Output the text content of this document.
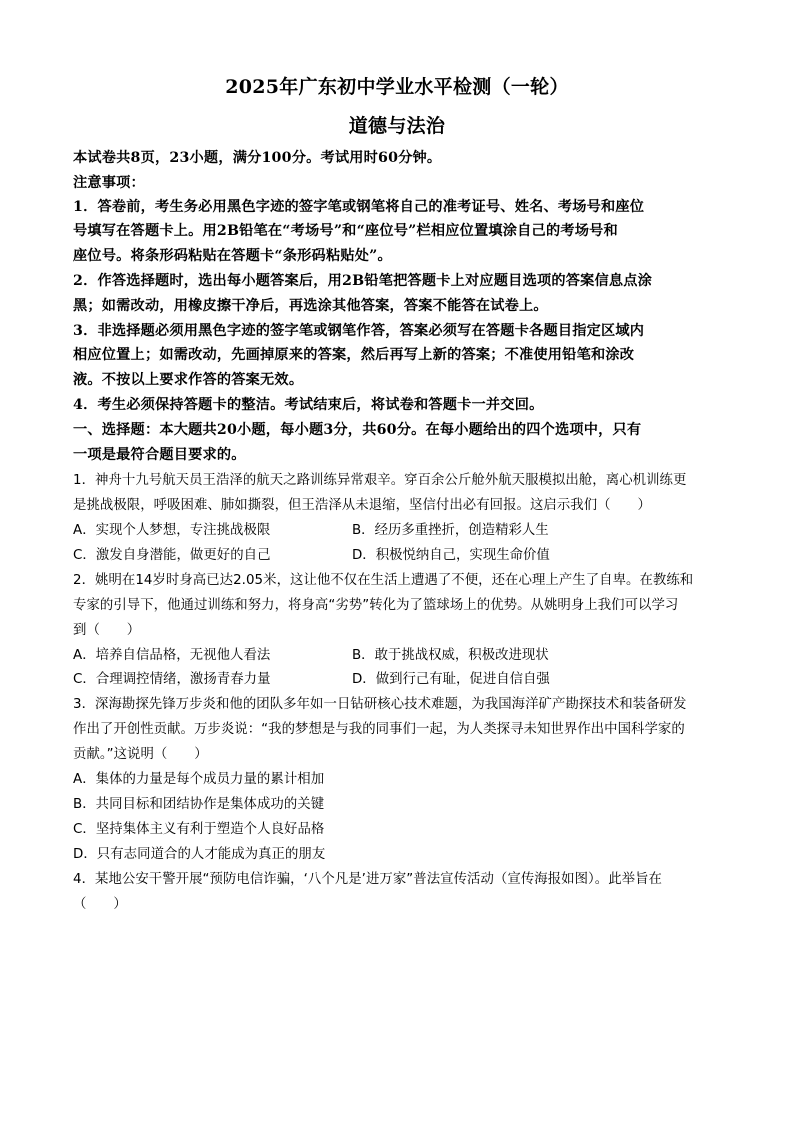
2025年广东初中学业水平检测（一轮）
道德与法治
本试卷共8页，23小题，满分100分。考试用时60分钟。
注意事项：
1．答卷前，考生务必用黑色字迹的签字笔或钢笔将自己的准考证号、姓名、考场号和座位
号填写在答题卡上。用2B铅笔在“考场号”和“座位号”栏相应位置填涂自己的考场号和
座位号。将条形码粘贴在答题卡“条形码粘贴处”。
2．作答选择题时，选出每小题答案后，用2B铅笔把答题卡上对应题目选项的答案信息点涂
黑；如需改动，用橡皮擦干净后，再选涂其他答案，答案不能答在试卷上。
3．非选择题必须用黑色字迹的签字笔或钢笔作答，答案必须写在答题卡各题目指定区域内
相应位置上；如需改动，先画掉原来的答案，然后再写上新的答案；不准使用铅笔和涂改
液。不按以上要求作答的答案无效。
4．考生必须保持答题卡的整洁。考试结束后，将试卷和答题卡一并交回。
一、选择题：本大题共20小题，每小题3分，共60分。在每小题给出的四个选项中，只有
一项是最符合题目要求的。
1．神舟十九号航天员王浩泽的航天之路训练异常艰辛。穿百余公斤舱外航天服模拟出舱，离心机训练更
是挑战极限，呼吸困难、肺如撕裂，但王浩泽从未退缩，坚信付出必有回报。这启示我们（　　）
A．实现个人梦想，专注挑战极限	B．经历多重挫折，创造精彩人生
C．激发自身潜能，做更好的自己	D．积极悦纳自己，实现生命价值
2．姚明在14岁时身高已达2.05米，这让他不仅在生活上遭遇了不便，还在心理上产生了自卑。在教练和
专家的引导下，他通过训练和努力，将身高“劣势”转化为了篮球场上的优势。从姚明身上我们可以学习
到（　　）
A．培养自信品格，无视他人看法	B．敢于挑战权威，积极改进现状
C．合理调控情绪，激扬青春力量	D．做到行己有耻，促进自信自强
3．深海勘探先锋万步炎和他的团队多年如一日钻研核心技术难题，为我国海洋矿产勘探技术和装备研发
作出了开创性贡献。万步炎说：“我的梦想是与我的同事们一起，为人类探寻未知世界作出中国科学家的
贡献。”这说明（　　）
A．集体的力量是每个成员力量的累计相加
B．共同目标和团结协作是集体成功的关键
C．坚持集体主义有利于塑造个人良好品格
D．只有志同道合的人才能成为真正的朋友
4．某地公安干警开展“预防电信诈骗，‘八个凡是’进万家”普法宣传活动（宣传海报如图）。此举旨在
（　　）
